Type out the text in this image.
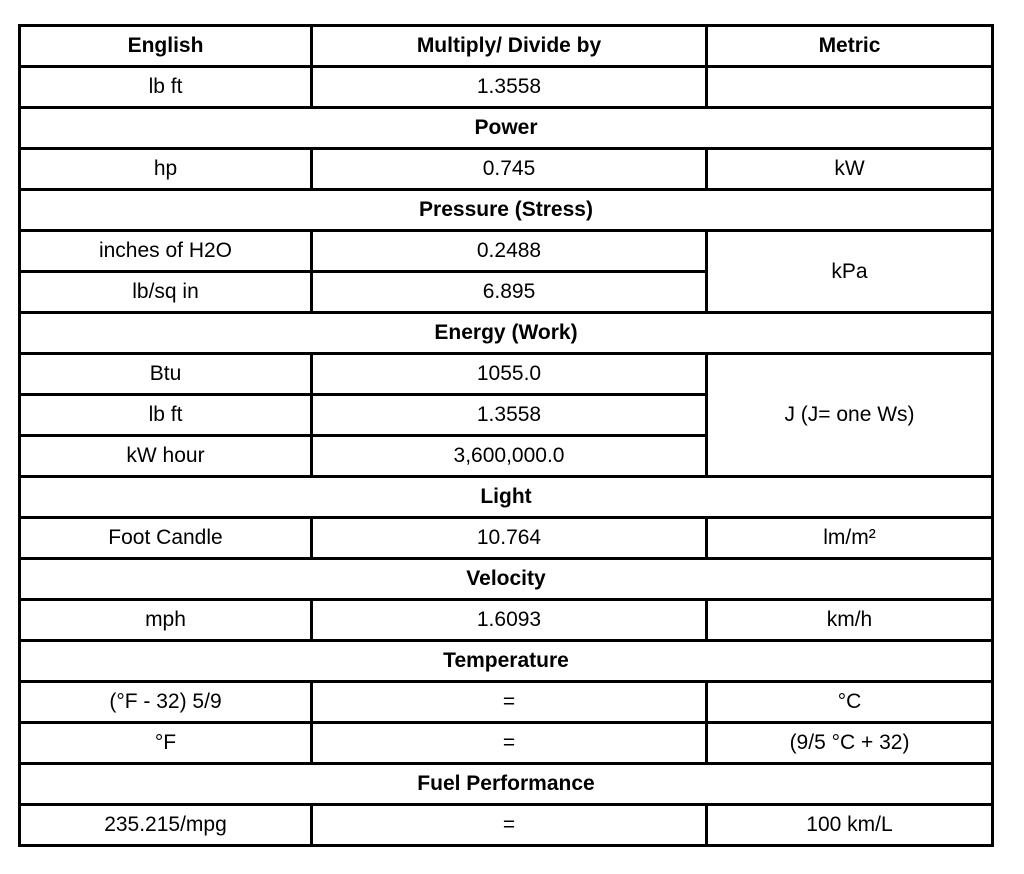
English	Multiply/ Divide by	Metric
lb ft	1.3558	
Power		
hp	0.745	kW
Pressure (Stress)		
inches of H2O	0.2488	kPa
lb/sq in	6.895	
Energy (Work)		
Btu	1055.0	J (J= one Ws)
lb ft	1.3558	
kW hour	3,600,000.0	
Light		
Foot Candle	10.764	lm/m²
Velocity		
mph	1.6093	km/h
Temperature		
(°F - 32) 5/9	=	°C
°F	=	(9/5 °C + 32)
Fuel Performance		
235.215/mpg	=	100 km/L
